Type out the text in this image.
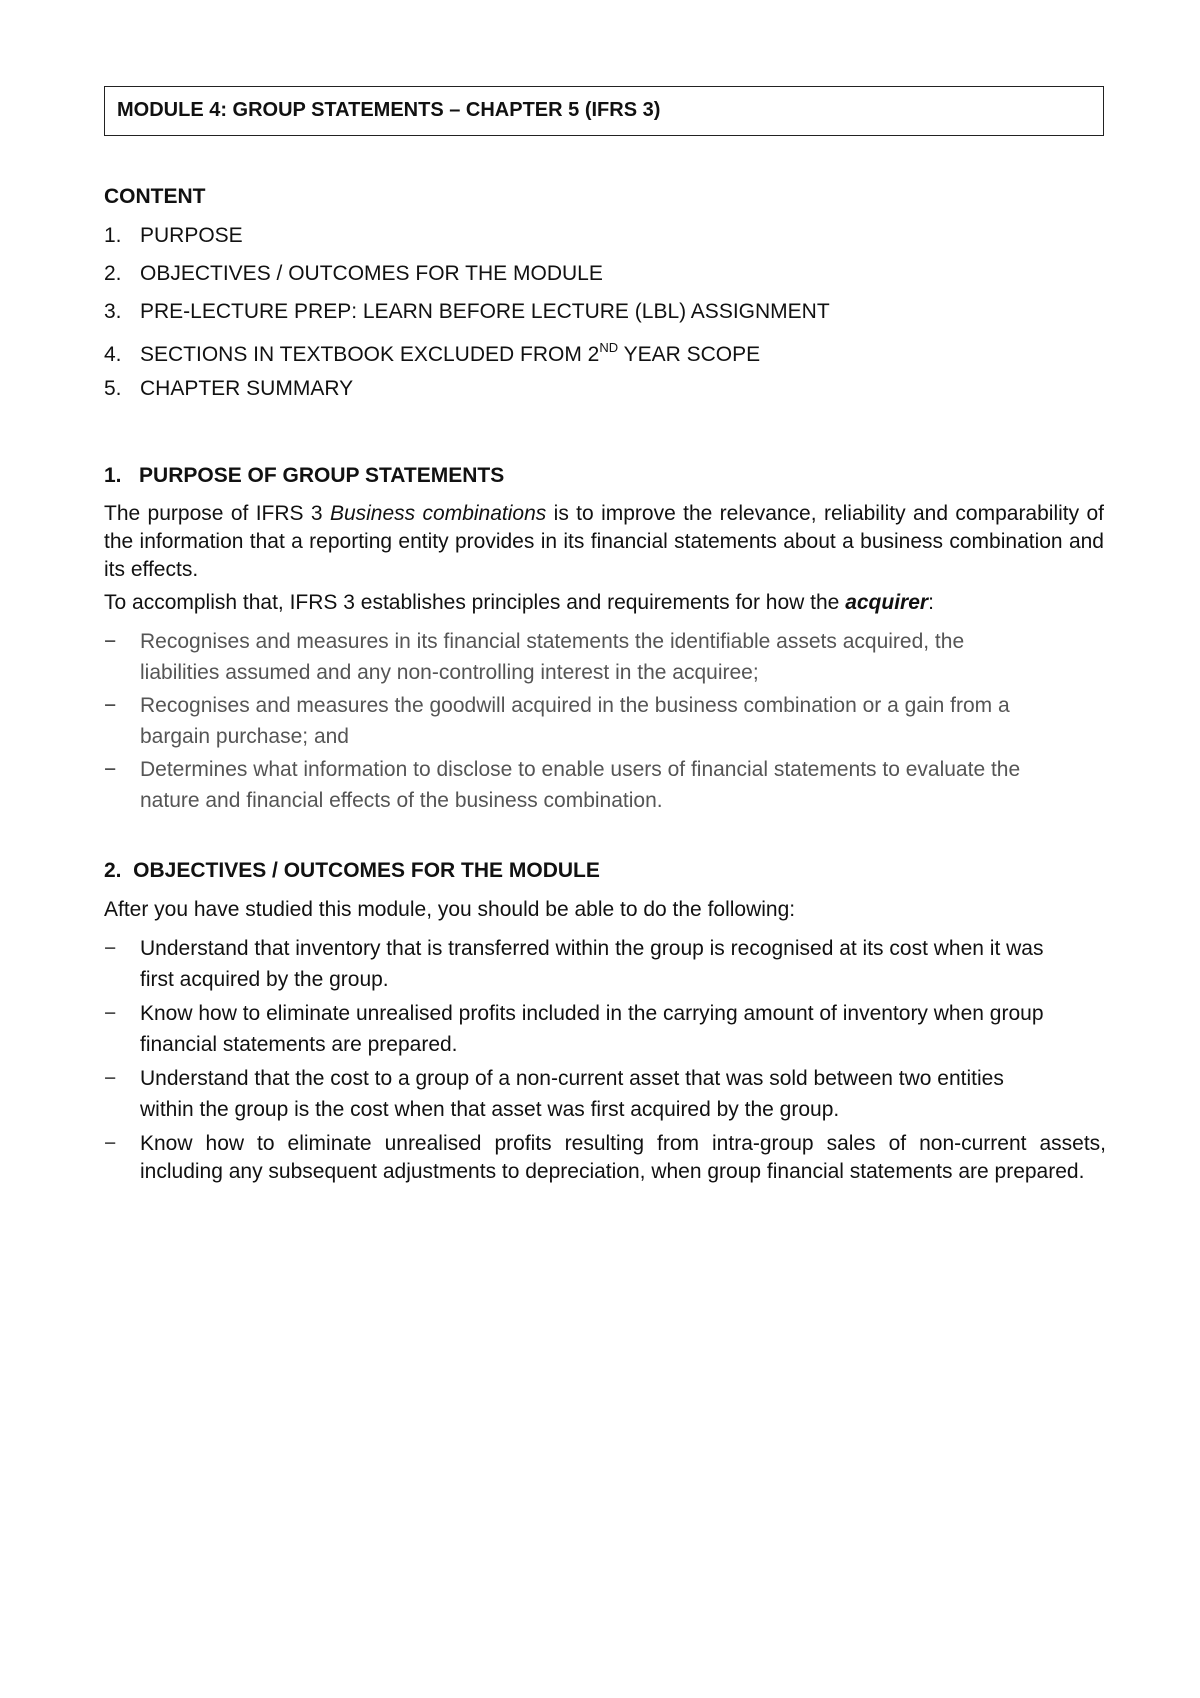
MODULE 4: GROUP STATEMENTS – CHAPTER 5 (IFRS 3)
CONTENT
1. PURPOSE
2. OBJECTIVES / OUTCOMES FOR THE MODULE
3. PRE-LECTURE PREP: LEARN BEFORE LECTURE (LBL) ASSIGNMENT
4. SECTIONS IN TEXTBOOK EXCLUDED FROM 2ND YEAR SCOPE
5. CHAPTER SUMMARY
1.   PURPOSE OF GROUP STATEMENTS
The purpose of IFRS 3 Business combinations is to improve the relevance, reliability and comparability of the information that a reporting entity provides in its financial statements about a business combination and its effects.
To accomplish that, IFRS 3 establishes principles and requirements for how the acquirer:
− Recognises and measures in its financial statements the identifiable assets acquired, the
liabilities assumed and any non-controlling interest in the acquiree;
− Recognises and measures the goodwill acquired in the business combination or a gain from a
bargain purchase; and
− Determines what information to disclose to enable users of financial statements to evaluate the
nature and financial effects of the business combination.
2.  OBJECTIVES / OUTCOMES FOR THE MODULE
After you have studied this module, you should be able to do the following:
− Understand that inventory that is transferred within the group is recognised at its cost when it was
first acquired by the group.
− Know how to eliminate unrealised profits included in the carrying amount of inventory when group
financial statements are prepared.
− Understand that the cost to a group of a non-current asset that was sold between two entities
within the group is the cost when that asset was first acquired by the group.
− Know how to eliminate unrealised profits resulting from intra-group sales of non-current assets, including any subsequent adjustments to depreciation, when group financial statements are prepared.
